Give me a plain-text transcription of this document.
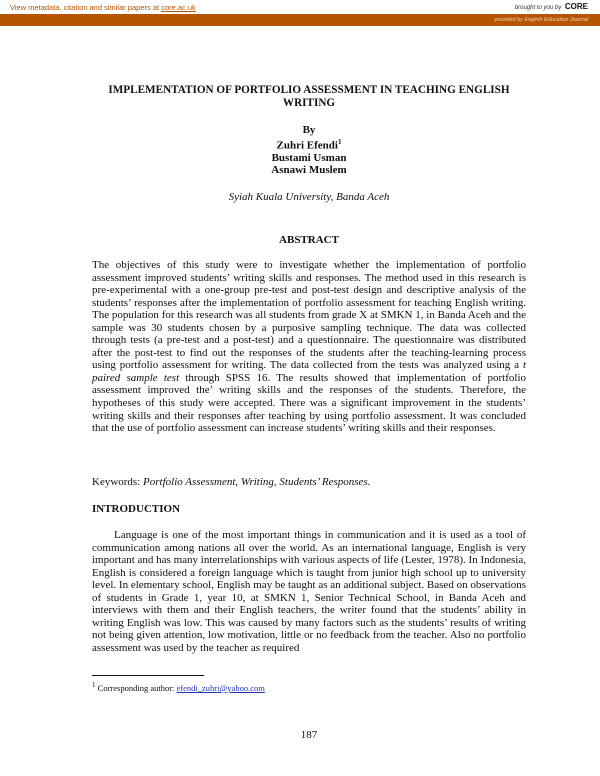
View metadata, citation and similar papers at core.ac.uk	brought to you by CORE
provided by English Education Journal
IMPLEMENTATION OF PORTFOLIO ASSESSMENT IN TEACHING ENGLISH WRITING
By
Zuhri Efendi$^1$
Bustami Usman
Asnawi Muslem
Syiah Kuala University, Banda Aceh
ABSTRACT
The objectives of this study were to investigate whether the implementation of portfolio assessment improved students’ writing skills and responses. The method used in this research is pre-experimental with a one-group pre-test and post-test design and descriptive analysis of the students’ responses after the implementation of portfolio assessment for teaching English writing. The population for this research was all students from grade X at SMKN 1, in Banda Aceh and the sample was 30 students chosen by a purposive sampling technique. The data was collected through tests (a pre-test and a post-test) and a questionnaire. The questionnaire was distributed after the post-test to find out the responses of the students after the teaching-learning process using portfolio assessment for writing. The data collected from the tests was analyzed using a t paired sample test through SPSS 16. The results showed that implementation of portfolio assessment improved the’ writing skills and the responses of the students. Therefore, the hypotheses of this study were accepted. There was a significant improvement in the students’ writing skills and their responses after teaching by using portfolio assessment. It was concluded that the use of portfolio assessment can increase students’ writing skills and their responses.
Keywords: Portfolio Assessment, Writing, Students’ Responses.
INTRODUCTION
Language is one of the most important things in communication and it is used as a tool of communication among nations all over the world. As an international language, English is very important and has many interrelationships with various aspects of life (Lester, 1978). In Indonesia, English is considered a foreign language which is taught from junior high school up to university level. In elementary school, English may be taught as an additional subject. Based on observations of students in Grade 1, year 10, at SMKN 1, Senior Technical School, in Banda Aceh and interviews with them and their English teachers, the writer found that the students’ ability in writing English was low. This was caused by many factors such as the students’ results of writing not being given attention, low motivation, little or no feedback from the teacher. Also no portfolio assessment was used by the teacher as required
$^1$ Corresponding author: efendi_zuhri@yahoo.com
187
